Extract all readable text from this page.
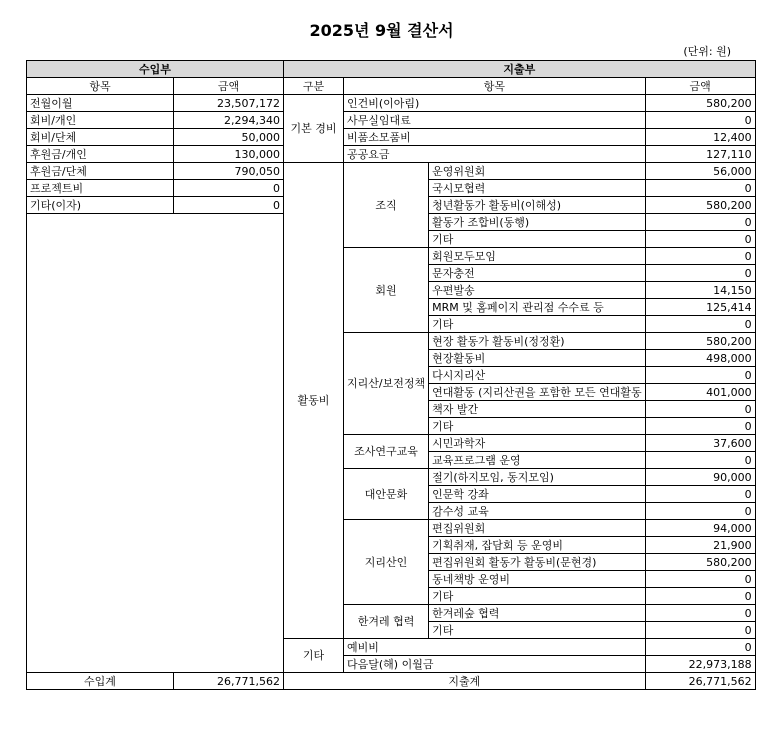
2025년 9월 결산서
(단위: 원)
수입부		지출부			
항목	금액	구분	항목		금액
전월이월	23,507,172	기본 경비	인건비(이아림)		580,200
회비/개인	2,294,340		사무실임대료		0
회비/단체	50,000		비품소모품비		12,400
후원금/개인	130,000		공공요금		127,110
후원금/단체	790,050	활동비	조직	운영위원회	56,000
프로젝트비	0			국시모협력	0
기타(이자)	0			청년활동가 활동비(이해성)	580,200
				활동가 조합비(동행)	0
				기타	0
			회원	회원모두모임	0
				문자충전	0
				우편발송	14,150
				MRM 및 홈페이지 관리점 수수료 등	125,414
				기타	0
			지리산/보전정책	현장 활동가 활동비(정정환)	580,200
				현장활동비	498,000
				다시지리산	0
				연대활동 (지리산권을 포함한 모든 연대활동	401,000
				책자 발간	0
				기타	0
			조사연구교육	시민과학자	37,600
				교육프로그램 운영	0
			대안문화	절기(하지모임, 동지모임)	90,000
				인문학 강좌	0
				감수성 교육	0
			지리산인	편집위원회	94,000
				기획취재, 잡담회 등 운영비	21,900
				편집위원회 활동가 활동비(문현경)	580,200
				동네책방 운영비	0
				기타	0
			한겨레 협력	한겨레숲 협력	0
				기타	0
		기타	예비비		0
			다음달(해) 이월금		22,973,188
수입계	26,771,562	지출계			26,771,562
